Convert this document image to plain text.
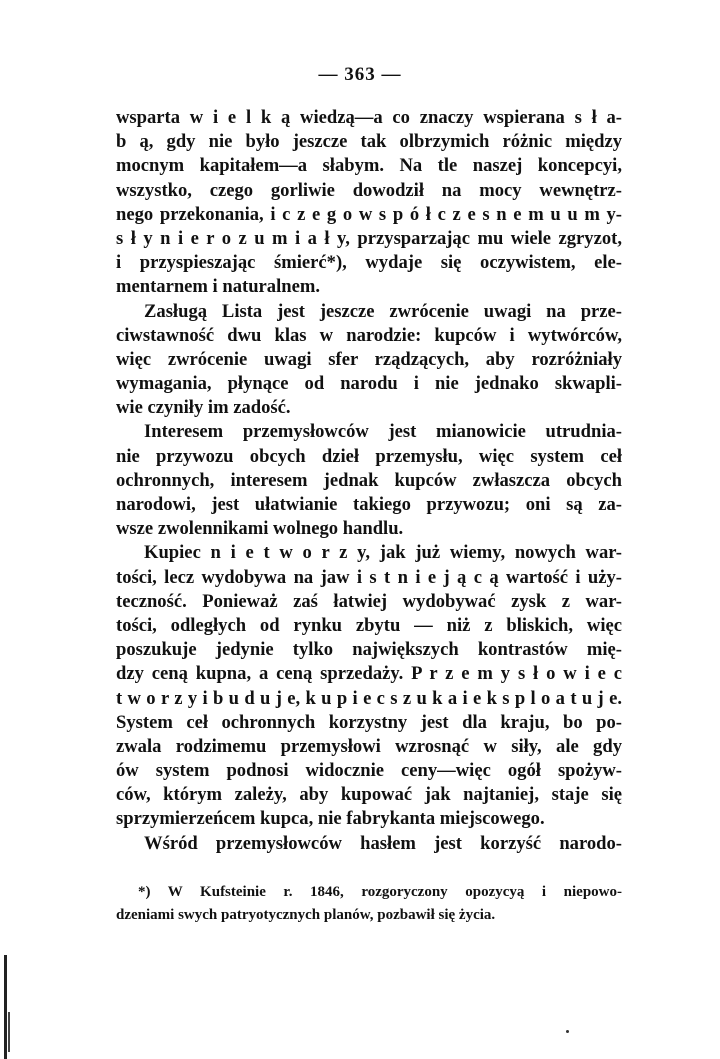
— 363 —
wsparta w i e l k ą wiedzą—a co znaczy wspierana s ł a-
b ą, gdy nie było jeszcze tak olbrzymich różnic między
mocnym kapitałem—a słabym. Na tle naszej koncepcyi,
wszystko, czego gorliwie dowodził na mocy wewnętrz-
nego przekonania, i c z e g o w s p ó ł c z e s n e m u u m y-
s ł y n i e r o z u m i a ł y, przysparzając mu wiele zgryzot,
i przyspieszając śmierć*), wydaje się oczywistem, ele-
mentarnem i naturalnem.
Zasługą Lista jest jeszcze zwrócenie uwagi na prze-
ciwstawność dwu klas w narodzie: kupców i wytwórców,
więc zwrócenie uwagi sfer rządzących, aby rozróżniały
wymagania, płynące od narodu i nie jednako skwapli-
wie czyniły im zadość.
Interesem przemysłowców jest mianowicie utrudnia-
nie przywozu obcych dzieł przemysłu, więc system ceł
ochronnych, interesem jednak kupców zwłaszcza obcych
narodowi, jest ułatwianie takiego przywozu; oni są za-
wsze zwolennikami wolnego handlu.
Kupiec n i e t w o r z y, jak już wiemy, nowych war-
tości, lecz wydobywa na jaw i s t n i e j ą c ą wartość i uży-
teczność. Ponieważ zaś łatwiej wydobywać zysk z war-
tości, odległych od rynku zbytu — niż z bliskich, więc
poszukuje jedynie tylko największych kontrastów mię-
dzy ceną kupna, a ceną sprzedaży. P r z e m y s ł o w i e c
t w o r z y i b u d u j e, k u p i e c s z u k a i e k s p l o a t u j e.
System ceł ochronnych korzystny jest dla kraju, bo po-
zwala rodzimemu przemysłowi wzrosnąć w siły, ale gdy
ów system podnosi widocznie ceny—więc ogół spożyw-
ców, którym zależy, aby kupować jak najtaniej, staje się
sprzymierzeńcem kupca, nie fabrykanta miejscowego.
Wśród przemysłowców hasłem jest korzyść narodo-
*) W Kufsteinie r. 1846, rozgoryczony opozycyą i niepowo-
dzeniami swych patryotycznych planów, pozbawił się życia.
